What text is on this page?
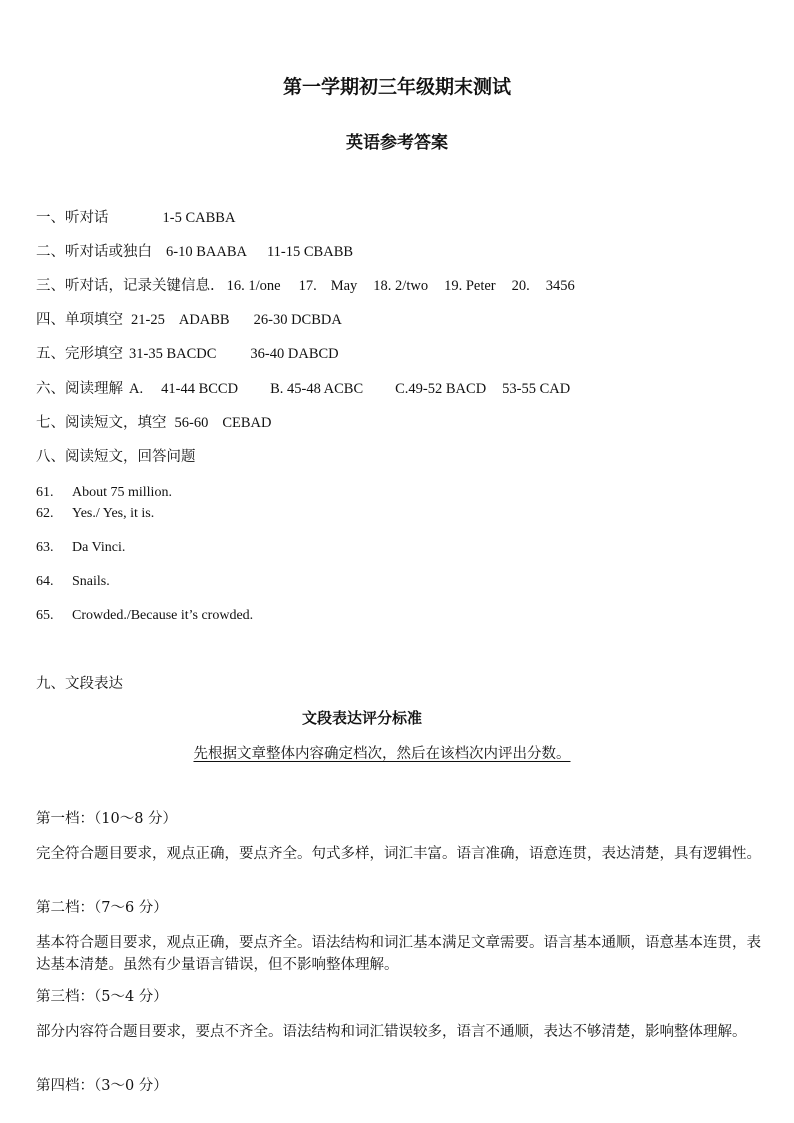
第一学期初三年级期末测试
英语参考答案
一、听对话	1-5 CABBA
二、听对话或独白 6-10 BAABA 11-15 CBABB
三、听对话，记录关键信息. 16. 1/one 17. May 18. 2/two 19. Peter 20. 3456
四、单项填空 21-25 ADABB 26-30 DCBDA
五、完形填空 31-35 BACDC 36-40 DABCD
六、阅读理解 A. 41-44 BCCD B. 45-48 ACBC C.49-52 BACD 53-55 CAD
七、阅读短文，填空 56-60 CEBAD
八、阅读短文，回答问题
61. About 75 million.
62. Yes./ Yes, it is.
63. Da Vinci.
64. Snails.
65. Crowded./Because it’s crowded.
九、文段表达
文段表达评分标准
先根据文章整体内容确定档次，然后在该档次内评出分数。
第一档：（10～8 分）
完全符合题目要求，观点正确，要点齐全。句式多样，词汇丰富。语言准确，语意连贯，表达清楚，具有逻辑性。
第二档：（7～6 分）
基本符合题目要求，观点正确，要点齐全。语法结构和词汇基本满足文章需要。语言基本通顺，语意基本连贯，表达基本清楚。虽然有少量语言错误，但不影响整体理解。
第三档：（5～4 分）
部分内容符合题目要求，要点不齐全。语法结构和词汇错误较多，语言不通顺，表达不够清楚，影响整体理解。
第四档：（3～0 分）
